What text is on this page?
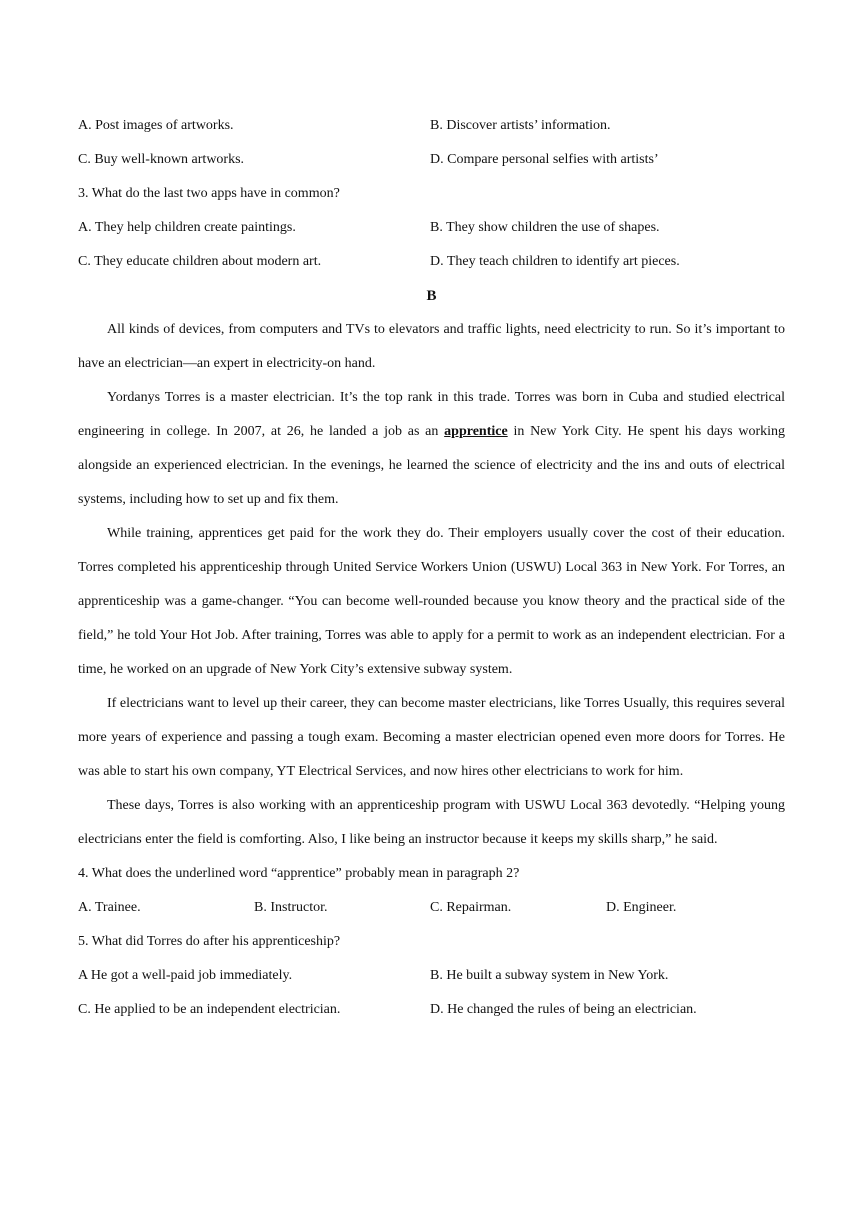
A. Post images of artworks.	B. Discover artists’ information.
C. Buy well-known artworks.	D. Compare personal selfies with artists’
3. What do the last two apps have in common?
A. They help children create paintings.	B. They show children the use of shapes.
C. They educate children about modern art.	D. They teach children to identify art pieces.
B

All kinds of devices, from computers and TVs to elevators and traffic lights, need electricity to run. So it’s important to have an electrician—an expert in electricity-on hand.

Yordanys Torres is a master electrician. It’s the top rank in this trade. Torres was born in Cuba and studied electrical engineering in college. In 2007, at 26, he landed a job as an apprentice in New York City. He spent his days working alongside an experienced electrician. In the evenings, he learned the science of electricity and the ins and outs of electrical systems, including how to set up and fix them.

While training, apprentices get paid for the work they do. Their employers usually cover the cost of their education. Torres completed his apprenticeship through United Service Workers Union (USWU) Local 363 in New York. For Torres, an apprenticeship was a game-changer. “You can become well-rounded because you know theory and the practical side of the field,” he told Your Hot Job. After training, Torres was able to apply for a permit to work as an independent electrician. For a time, he worked on an upgrade of New York City’s extensive subway system.

If electricians want to level up their career, they can become master electricians, like Torres Usually, this requires several more years of experience and passing a tough exam. Becoming a master electrician opened even more doors for Torres. He was able to start his own company, YT Electrical Services, and now hires other electricians to work for him.

These days, Torres is also working with an apprenticeship program with USWU Local 363 devotedly. “Helping young electricians enter the field is comforting. Also, I like being an instructor because it keeps my skills sharp,” he said.

4. What does the underlined word “apprentice” probably mean in paragraph 2?
A. Trainee.	B. Instructor.	C. Repairman.	D. Engineer.
5. What did Torres do after his apprenticeship?
A He got a well-paid job immediately.	B. He built a subway system in New York.
C. He applied to be an independent electrician.	D. He changed the rules of being an electrician.
